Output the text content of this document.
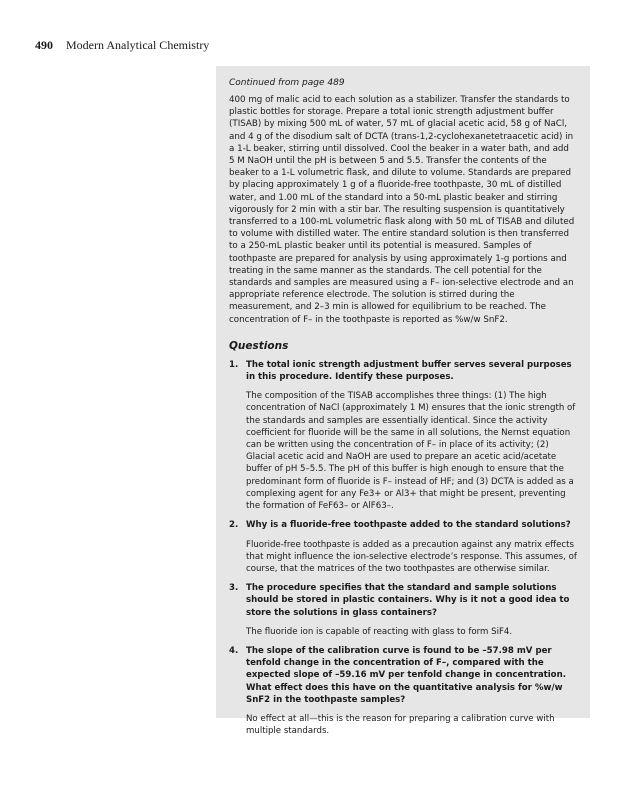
490 Modern Analytical Chemistry
Continued from page 489

400 mg of malic acid to each solution as a stabilizer. Transfer the standards to plastic bottles for storage. Prepare a total ionic strength adjustment buffer (TISAB) by mixing 500 mL of water, 57 mL of glacial acetic acid, 58 g of NaCl, and 4 g of the disodium salt of DCTA (trans-1,2-cyclohexanetetraacetic acid) in a 1-L beaker, stirring until dissolved. Cool the beaker in a water bath, and add 5 M NaOH until the pH is between 5 and 5.5. Transfer the contents of the beaker to a 1-L volumetric flask, and dilute to volume. Standards are prepared by placing approximately 1 g of a fluoride-free toothpaste, 30 mL of distilled water, and 1.00 mL of the standard into a 50-mL plastic beaker and stirring vigorously for 2 min with a stir bar. The resulting suspension is quantitatively transferred to a 100-mL volumetric flask along with 50 mL of TISAB and diluted to volume with distilled water. The entire standard solution is then transferred to a 250-mL plastic beaker until its potential is measured. Samples of toothpaste are prepared for analysis by using approximately 1-g portions and treating in the same manner as the standards. The cell potential for the standards and samples are measured using a F– ion-selective electrode and an appropriate reference electrode. The solution is stirred during the measurement, and 2–3 min is allowed for equilibrium to be reached. The concentration of F– in the toothpaste is reported as %w/w SnF2.

Questions
1. The total ionic strength adjustment buffer serves several purposes in this procedure. Identify these purposes.

The composition of the TISAB accomplishes three things: (1) The high concentration of NaCl (approximately 1 M) ensures that the ionic strength of the standards and samples are essentially identical. Since the activity coefficient for fluoride will be the same in all solutions, the Nernst equation can be written using the concentration of F– in place of its activity; (2) Glacial acetic acid and NaOH are used to prepare an acetic acid/acetate buffer of pH 5–5.5. The pH of this buffer is high enough to ensure that the predominant form of fluoride is F– instead of HF; and (3) DCTA is added as a complexing agent for any Fe3+ or Al3+ that might be present, preventing the formation of FeF63– or AlF63–.

2. Why is a fluoride-free toothpaste added to the standard solutions?

Fluoride-free toothpaste is added as a precaution against any matrix effects that might influence the ion-selective electrode’s response. This assumes, of course, that the matrices of the two toothpastes are otherwise similar.

3. The procedure specifies that the standard and sample solutions should be stored in plastic containers. Why is it not a good idea to store the solutions in glass containers?

The fluoride ion is capable of reacting with glass to form SiF4.

4. The slope of the calibration curve is found to be –57.98 mV per tenfold change in the concentration of F–, compared with the expected slope of –59.16 mV per tenfold change in concentration. What effect does this have on the quantitative analysis for %w/w SnF2 in the toothpaste samples?

No effect at all—this is the reason for preparing a calibration curve with multiple standards.
